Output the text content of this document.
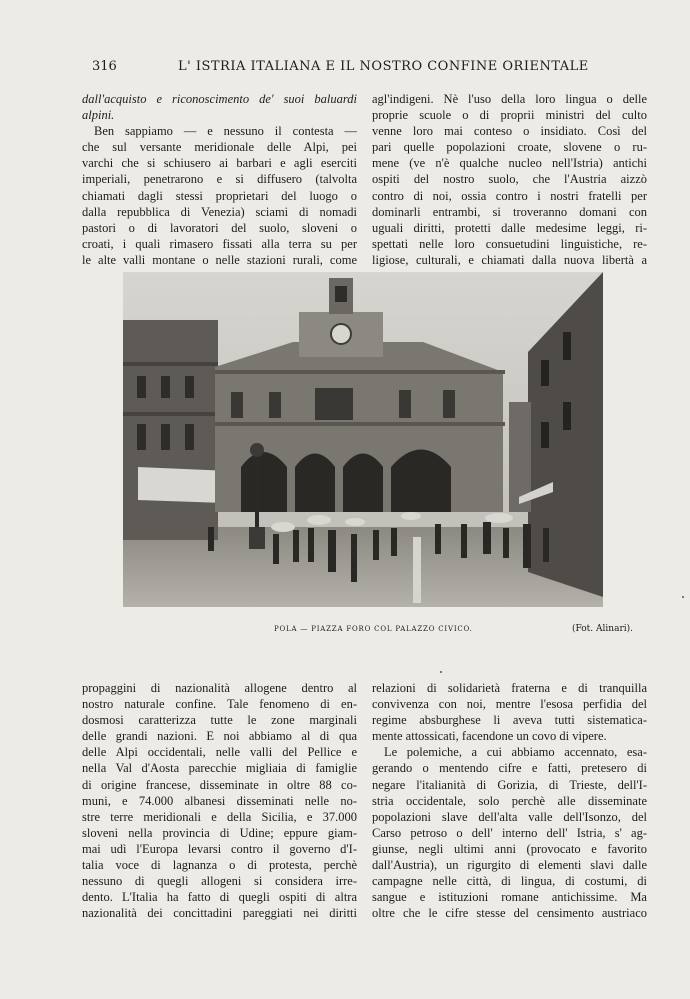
316	L' ISTRIA ITALIANA E IL NOSTRO CONFINE ORIENTALE
dall'acquisto e riconoscimento de' suoi baluardi
alpini.
Ben sappiamo — e nessuno il contesta —
che sul versante meridionale delle Alpi, pei
varchi che si schiusero ai barbari e agli eserciti
imperiali, penetrarono e si diffusero (talvolta
chiamati dagli stessi proprietari del luogo o
dalla repubblica di Venezia) sciami di nomadi
pastori o di lavoratori del suolo, sloveni o
croati, i quali rimasero fissati alla terra su per
le alte valli montane o nelle stazioni rurali, come
agl'indigeni. Nè l'uso della loro lingua o delle
proprie scuole o di proprii ministri del culto
venne loro mai conteso o insidiato. Così del
pari quelle popolazioni croate, slovene o ru-
mene (ve n'è qualche nucleo nell'Istria) antichi
ospiti del nostro suolo, che l'Austria aizzò
contro di noi, ossia contro i nostri fratelli per
dominarli entrambi, si troveranno domani con
uguali diritti, protetti dalle medesime leggi, ri-
spettati nelle loro consuetudini linguistiche, re-
ligiose, culturali, e chiamati dalla nuova libertà a
POLA — PIAZZA FORO COL PALAZZO CIVICO.	(Fot. Alinari).
propaggini di nazionalità allogene dentro al
nostro naturale confine. Tale fenomeno di en-
dosmosi caratterizza tutte le zone marginali
delle grandi nazioni. E noi abbiamo al di qua
delle Alpi occidentali, nelle valli del Pellice e
nella Val d'Aosta parecchie migliaia di famiglie
di origine francese, disseminate in oltre 88 co-
muni, e 74.000 albanesi disseminati nelle no-
stre terre meridionali e della Sicilia, e 37.000
sloveni nella provincia di Udine; eppure giam-
mai udì l'Europa levarsi contro il governo d'I-
talia voce di lagnanza o di protesta, perchè
nessuno di quegli allogeni si considera irre-
dento. L'Italia ha fatto di quegli ospiti di altra
nazionalità dei concittadini pareggiati nei diritti
relazioni di solidarietà fraterna e di tranquilla
convivenza con noi, mentre l'esosa perfidia del
regime absburghese li aveva tutti sistematica-
mente attossicati, facendone un covo di vipere.
Le polemiche, a cui abbiamo accennato, esa-
gerando o mentendo cifre e fatti, pretesero di
negare l'italianità di Gorizia, di Trieste, dell'I-
stria occidentale, solo perchè alle disseminate
popolazioni slave dell'alta valle dell'Isonzo, del
Carso petroso o dell' interno dell' Istria, s' ag-
giunse, negli ultimi anni (provocato e favorito
dall'Austria), un rigurgito di elementi slavi dalle
campagne nelle città, di lingua, di costumi, di
sangue e istituzioni romane antichissime. Ma
oltre che le cifre stesse del censimento austriaco
